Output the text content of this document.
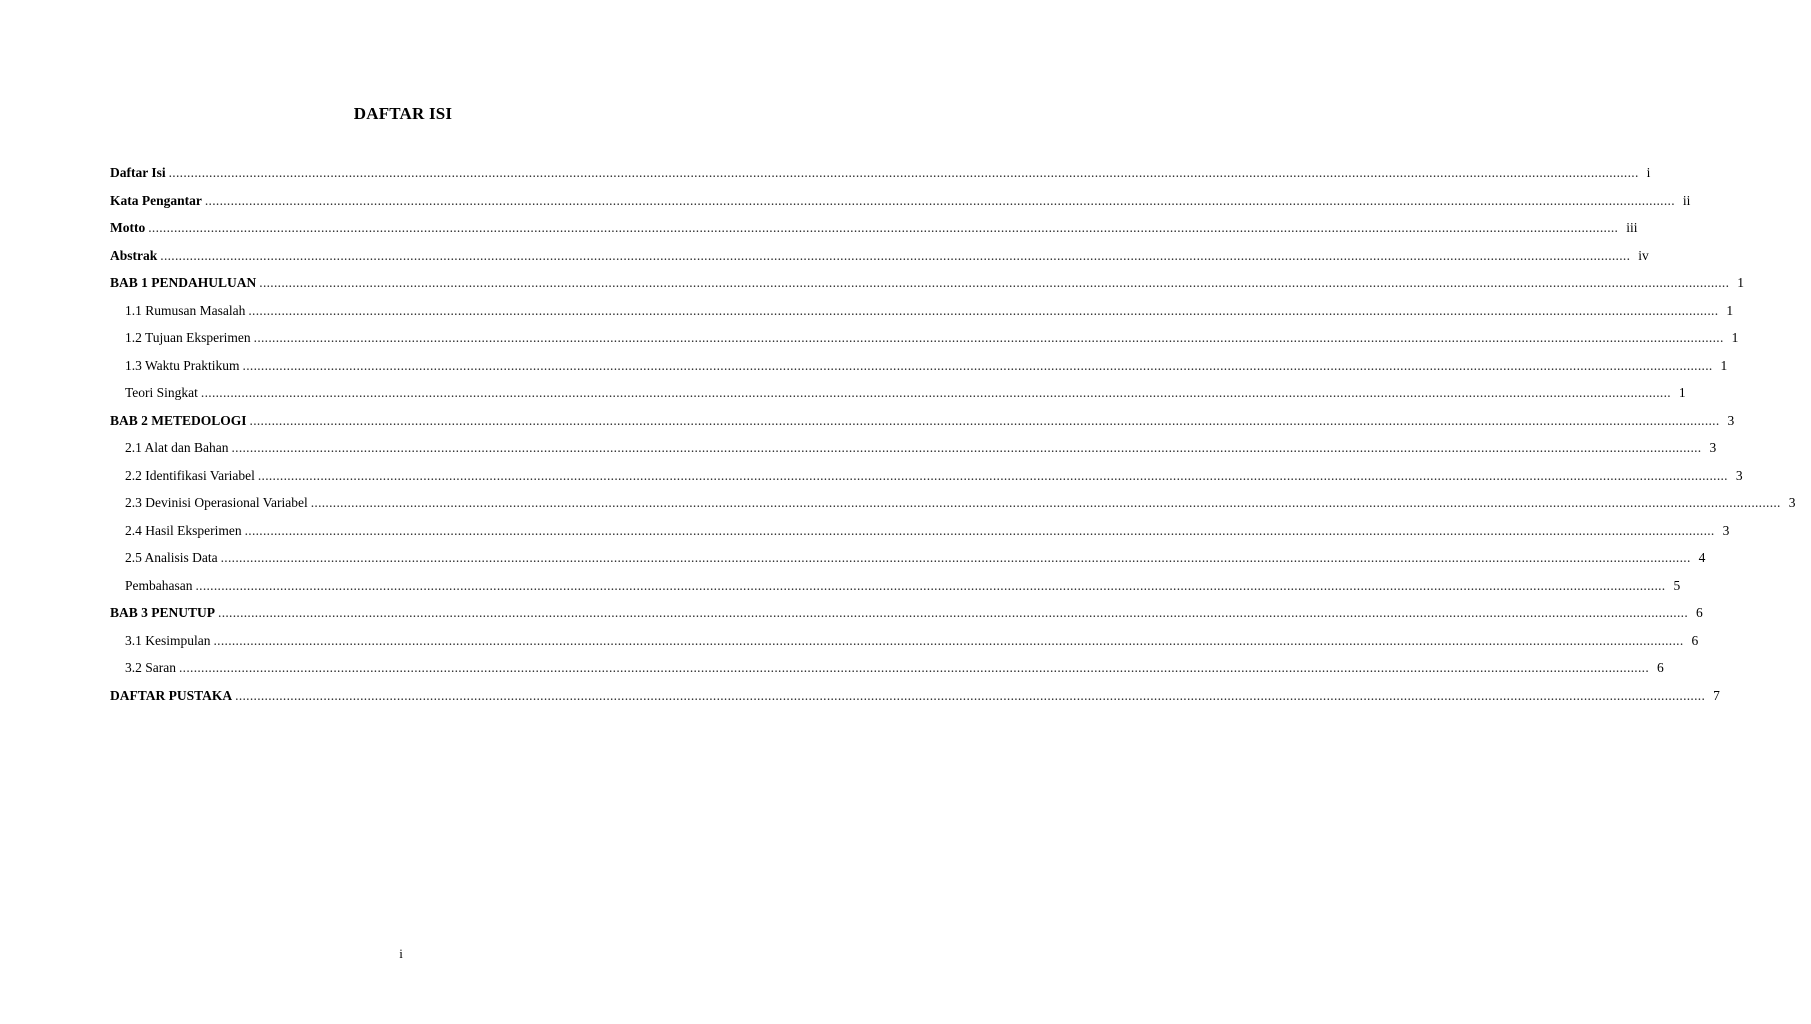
DAFTAR ISI
Daftar Isi ................................................................................................................................................................................................................................................................................................................................................................................................................ i
Kata Pengantar ................................................................................................................................................................................................................................................................................................................................................................................................................ ii
Motto ................................................................................................................................................................................................................................................................................................................................................................................................................ iii
Abstrak ................................................................................................................................................................................................................................................................................................................................................................................................................ iv
BAB 1 PENDAHULUAN ................................................................................................................................................................................................................................................................................................................................................................................................................ 1
1.1 Rumusan Masalah ................................................................................................................................................................................................................................................................................................................................................................................................................ 1
1.2 Tujuan Eksperimen ................................................................................................................................................................................................................................................................................................................................................................................................................ 1
1.3 Waktu Praktikum ................................................................................................................................................................................................................................................................................................................................................................................................................ 1
Teori Singkat ................................................................................................................................................................................................................................................................................................................................................................................................................ 1
BAB 2 METEDOLOGI ................................................................................................................................................................................................................................................................................................................................................................................................................ 3
2.1 Alat dan Bahan ................................................................................................................................................................................................................................................................................................................................................................................................................ 3
2.2 Identifikasi Variabel ................................................................................................................................................................................................................................................................................................................................................................................................................ 3
2.3 Devinisi Operasional Variabel ................................................................................................................................................................................................................................................................................................................................................................................................................ 3
2.4 Hasil Eksperimen ................................................................................................................................................................................................................................................................................................................................................................................................................ 3
2.5 Analisis Data ................................................................................................................................................................................................................................................................................................................................................................................................................ 4
Pembahasan ................................................................................................................................................................................................................................................................................................................................................................................................................ 5
BAB 3 PENUTUP ................................................................................................................................................................................................................................................................................................................................................................................................................ 6
3.1 Kesimpulan ................................................................................................................................................................................................................................................................................................................................................................................................................ 6
3.2 Saran ................................................................................................................................................................................................................................................................................................................................................................................................................ 6
DAFTAR PUSTAKA ................................................................................................................................................................................................................................................................................................................................................................................................................ 7
i
